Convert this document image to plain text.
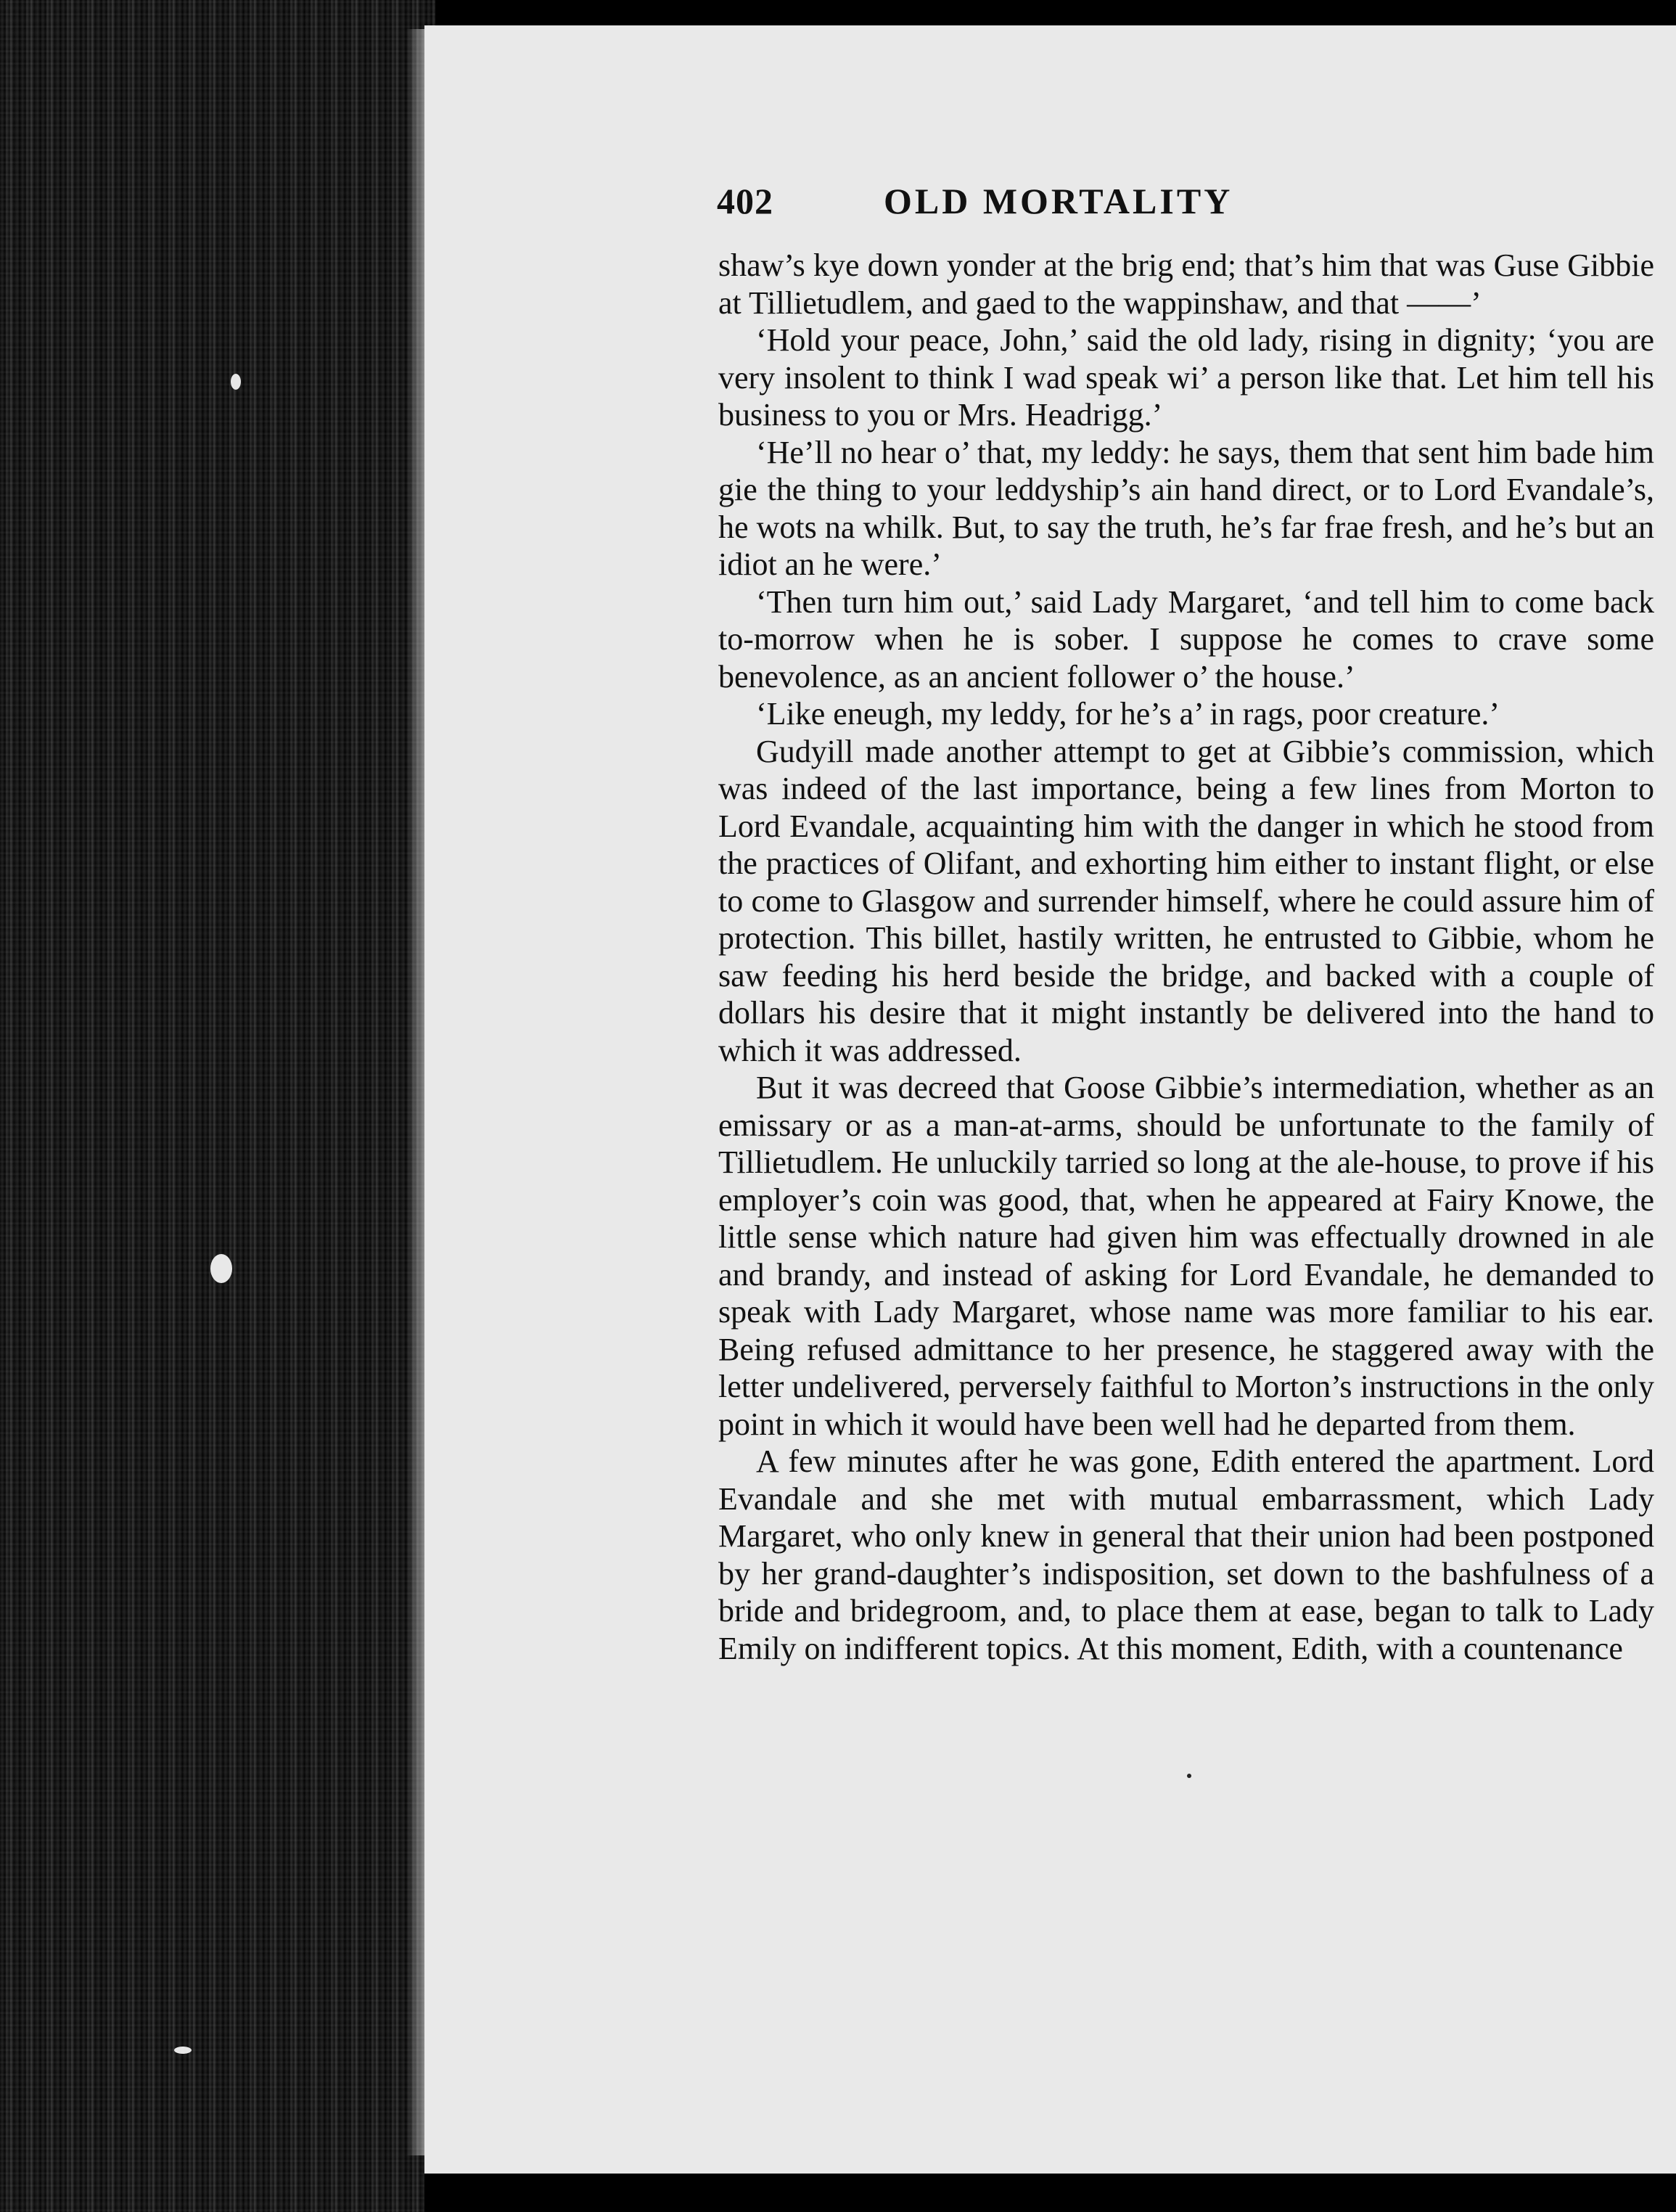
402	OLD MORTALITY

shaw’s kye down yonder at the brig end; that’s him that was Guse Gibbie at Tillietudlem, and gaed to the wappinshaw, and that ——’

‘Hold your peace, John,’ said the old lady, rising in dignity; ‘you are very insolent to think I wad speak wi’ a person like that. Let him tell his business to you or Mrs. Headrigg.’

‘He’ll no hear o’ that, my leddy: he says, them that sent him bade him gie the thing to your leddyship’s ain hand direct, or to Lord Evandale’s, he wots na whilk. But, to say the truth, he’s far frae fresh, and he’s but an idiot an he were.’

‘Then turn him out,’ said Lady Margaret, ‘and tell him to come back to-morrow when he is sober. I suppose he comes to crave some benevolence, as an ancient follower o’ the house.’

‘Like eneugh, my leddy, for he’s a’ in rags, poor creature.’

Gudyill made another attempt to get at Gibbie’s commission, which was indeed of the last importance, being a few lines from Morton to Lord Evandale, acquainting him with the danger in which he stood from the practices of Olifant, and exhorting him either to instant flight, or else to come to Glasgow and surrender himself, where he could assure him of protection. This billet, hastily written, he entrusted to Gibbie, whom he saw feeding his herd beside the bridge, and backed with a couple of dollars his desire that it might instantly be delivered into the hand to which it was addressed.

But it was decreed that Goose Gibbie’s intermediation, whether as an emissary or as a man-at-arms, should be unfortunate to the family of Tillietudlem. He unluckily tarried so long at the ale-house, to prove if his employer’s coin was good, that, when he appeared at Fairy Knowe, the little sense which nature had given him was effectually drowned in ale and brandy, and instead of asking for Lord Evandale, he demanded to speak with Lady Margaret, whose name was more familiar to his ear. Being refused admittance to her presence, he staggered away with the letter undelivered, perversely faithful to Morton’s instructions in the only point in which it would have been well had he departed from them.

A few minutes after he was gone, Edith entered the apartment. Lord Evandale and she met with mutual embarrassment, which Lady Margaret, who only knew in general that their union had been postponed by her grand-daughter’s indisposition, set down to the bashfulness of a bride and bridegroom, and, to place them at ease, began to talk to Lady Emily on indifferent topics. At this moment, Edith, with a countenance
